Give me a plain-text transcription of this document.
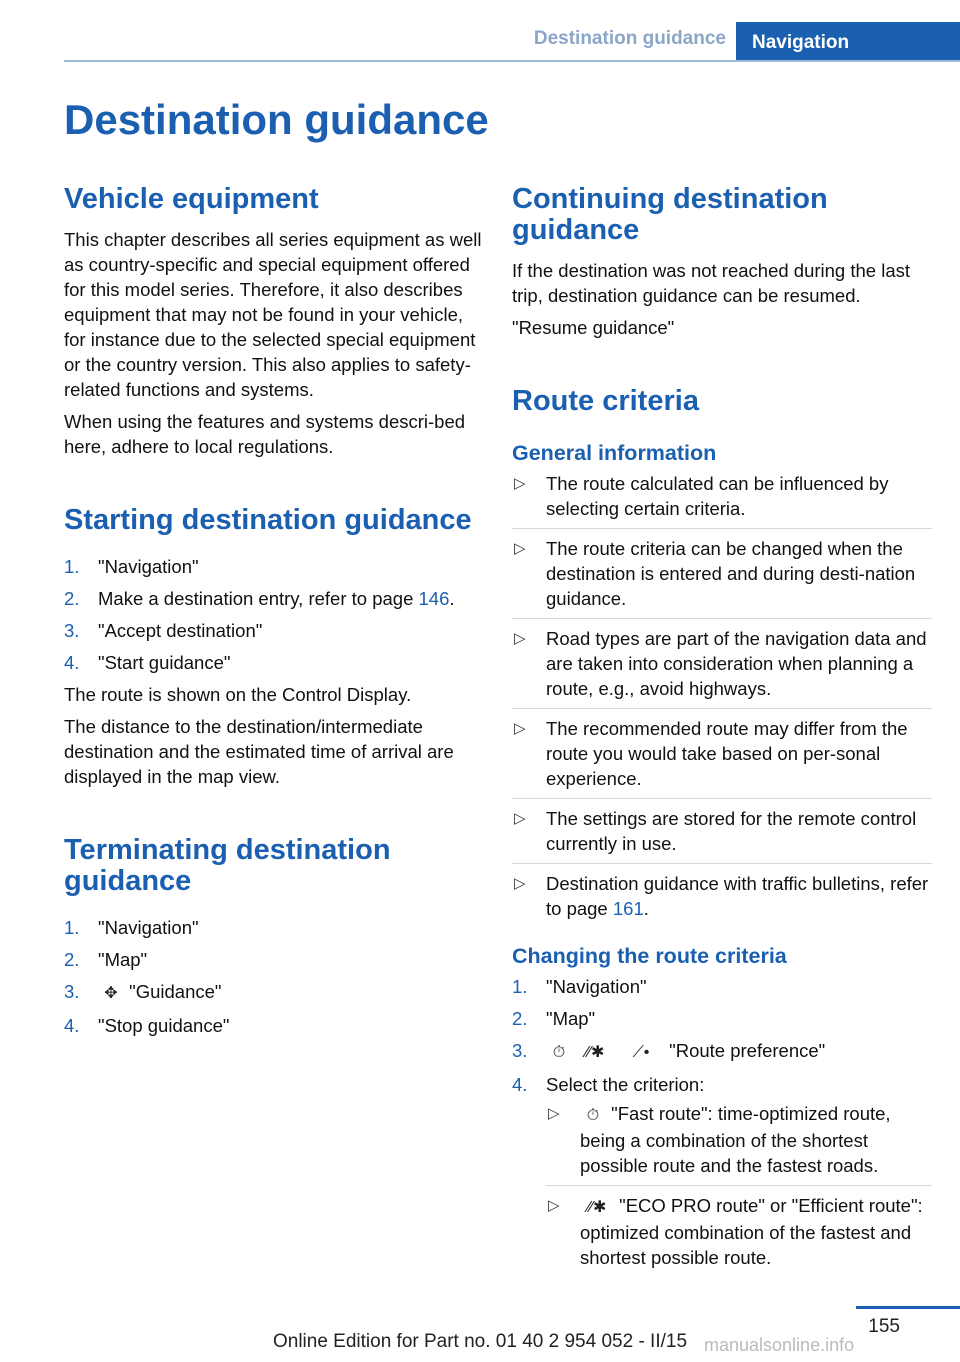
Destination guidance	Navigation
Destination guidance
Vehicle equipment

This chapter describes all series equipment as well as country-specific and special equipment offered for this model series. Therefore, it also describes equipment that may not be found in your vehicle, for instance due to the selected special equipment or the country version. This also applies to safety-related functions and systems.

When using the features and systems descri-bed here, adhere to local regulations.

Starting destination guidance
1. "Navigation"
2. Make a destination entry, refer to page 146.
3. "Accept destination"
4. "Start guidance"

The route is shown on the Control Display.

The distance to the destination/intermediate destination and the estimated time of arrival are displayed in the map view.

Terminating destination guidance
1. "Navigation"
2. "Map"
3. ✥ "Guidance"
4. "Stop guidance"
Continuing destination guidance

If the destination was not reached during the last trip, destination guidance can be resumed.

"Resume guidance"

Route criteria
General information
▷ The route calculated can be influenced by selecting certain criteria.
▷ The route criteria can be changed when the destination is entered and during desti-nation guidance.
▷ Road types are part of the navigation data and are taken into consideration when planning a route, e.g., avoid highways.
▷ The recommended route may differ from the route you would take based on per-sonal experience.
▷ The settings are stored for the remote control currently in use.
▷ Destination guidance with traffic bulletins, refer to page 161.
Changing the route criteria
1. "Navigation"
2. "Map"
3. ⏱ ⁄⁄✱ ⟋• "Route preference"
4. Select the criterion:
▷ ⏱ "Fast route": time-optimized route, being a combination of the shortest possible route and the fastest roads.
▷ ⁄⁄✱ "ECO PRO route" or "Efficient route": optimized combination of the fastest and shortest possible route.
155
Online Edition for Part no. 01 40 2 954 052 - II/15 manualsonline.info
